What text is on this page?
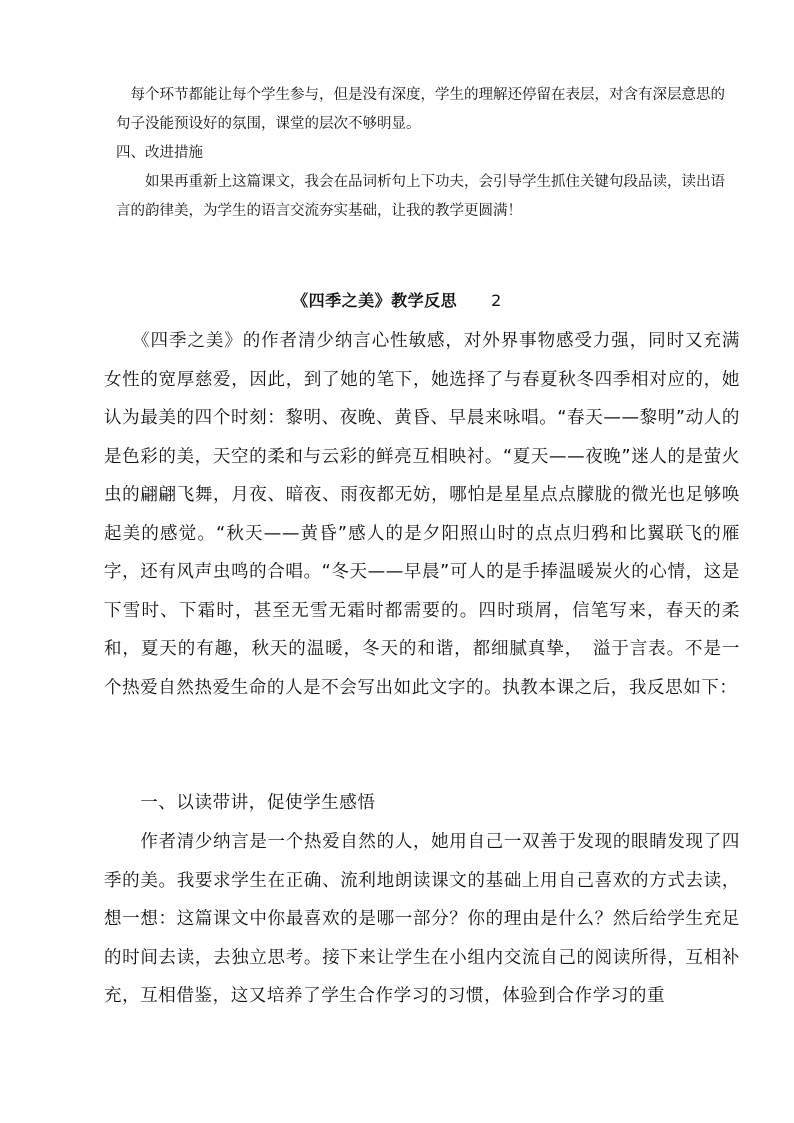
　每个环节都能让每个学生参与，但是没有深度，学生的理解还停留在表层，对含有深层意思的句子没能预设好的氛围，课堂的层次不够明显。

四、改进措施

　　如果再重新上这篇课文，我会在品词析句上下功夫，会引导学生抓住关键句段品读，读出语言的韵律美，为学生的语言交流夯实基础，让我的教学更圆满！

《四季之美》教学反思 2

　　《四季之美》的作者清少纳言心性敏感，对外界事物感受力强，同时又充满女性的宽厚慈爱，因此，到了她的笔下，她选择了与春夏秋冬四季相对应的，她认为最美的四个时刻：黎明、夜晚、黄昏、早晨来咏唱。“春天——黎明”动人的是色彩的美，天空的柔和与云彩的鲜亮互相映衬。“夏天——夜晚”迷人的是萤火虫的翩翩飞舞，月夜、暗夜、雨夜都无妨，哪怕是星星点点朦胧的微光也足够唤起美的感觉。“秋天——黄昏”感人的是夕阳照山时的点点归鸦和比翼联飞的雁字，还有风声虫鸣的合唱。“冬天——早晨”可人的是手捧温暖炭火的心情，这是下雪时、下霜时，甚至无雪无霜时都需要的。四时琐屑，信笔写来，春天的柔和，夏天的有趣，秋天的温暖，冬天的和谐，都细腻真挚，　溢于言表。不是一个热爱自然热爱生命的人是不会写出如此文字的。执教本课之后，我反思如下：

　　一、以读带讲，促使学生感悟

　　作者清少纳言是一个热爱自然的人，她用自己一双善于发现的眼睛发现了四季的美。我要求学生在正确、流利地朗读课文的基础上用自己喜欢的方式去读，想一想：这篇课文中你最喜欢的是哪一部分？你的理由是什么？然后给学生充足的时间去读，去独立思考。接下来让学生在小组内交流自己的阅读所得，互相补充，互相借鉴，这又培养了学生合作学习的习惯，体验到合作学习的重
